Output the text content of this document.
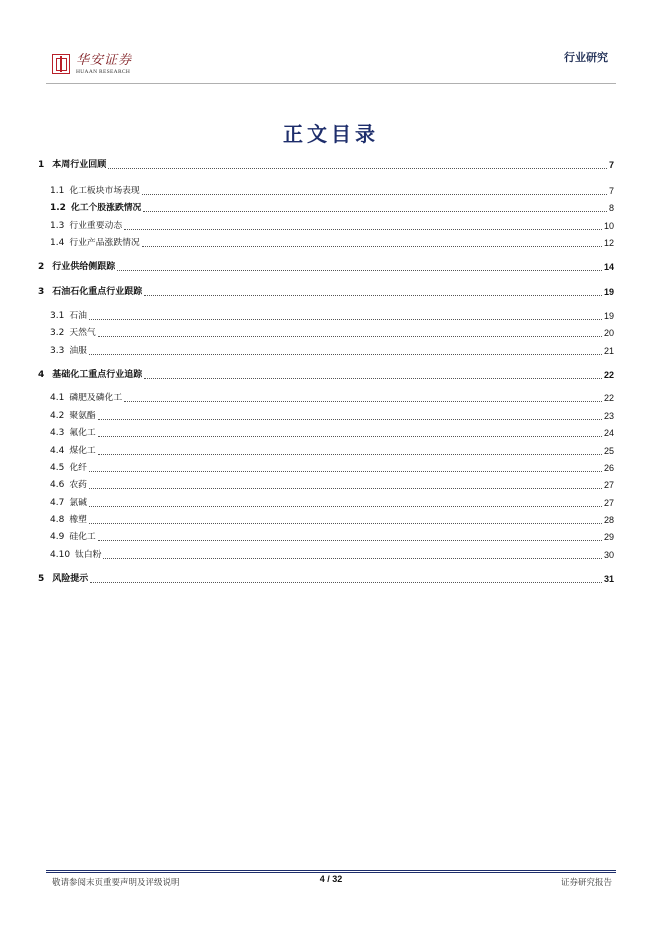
华安证券
HUAAN RESEARCH
行业研究
正文目录
1 本周行业回顾	7
1.1 化工板块市场表现	7
1.2 化工个股涨跌情况	8
1.3 行业重要动态	10
1.4 行业产品涨跌情况	12
2 行业供给侧跟踪	14
3 石油石化重点行业跟踪	19
3.1 石油	19
3.2 天然气	20
3.3 油服	21
4 基础化工重点行业追踪	22
4.1 磷肥及磷化工	22
4.2 聚氨酯	23
4.3 氟化工	24
4.4 煤化工	25
4.5 化纤	26
4.6 农药	27
4.7 氯碱	27
4.8 橡塑	28
4.9 硅化工	29
4.10 钛白粉	30
5 风险提示	31
敬请参阅末页重要声明及评级说明	4 / 32	证券研究报告
